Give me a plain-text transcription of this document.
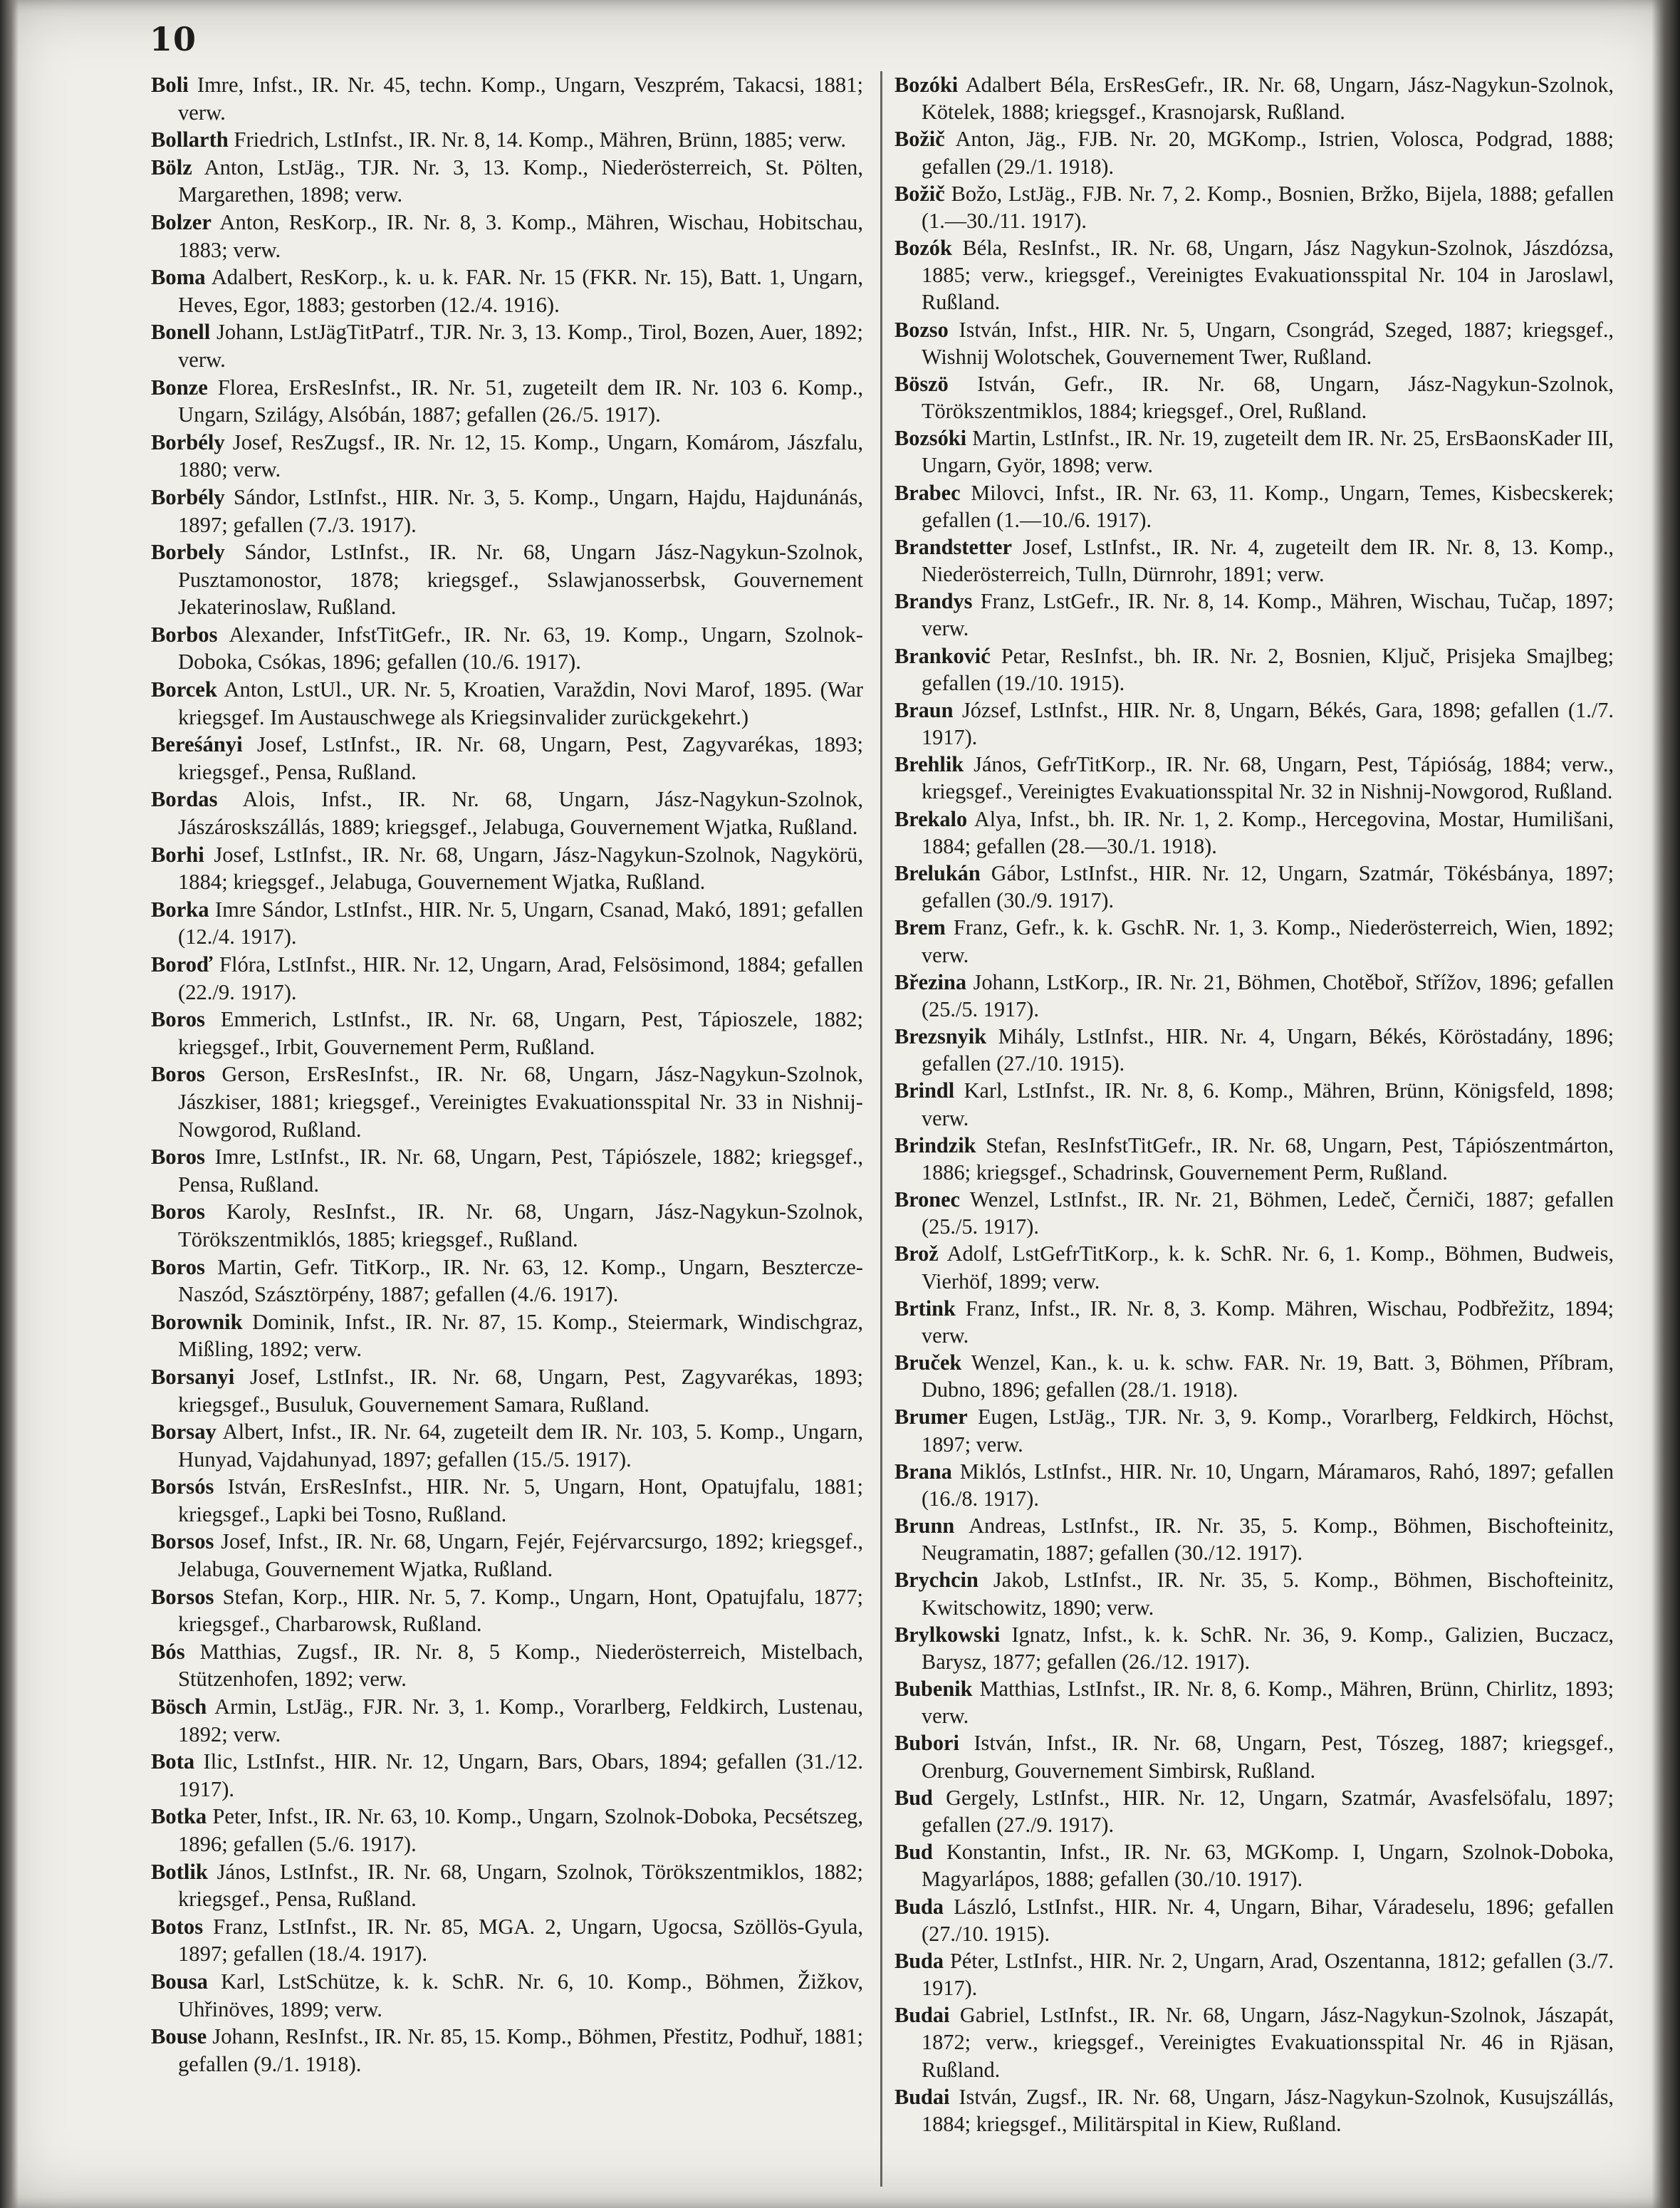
10

Boli Imre, Infst., IR. Nr. 45, techn. Komp., Ungarn, Veszprém, Takacsi, 1881; verw.

Bollarth Friedrich, LstInfst., IR. Nr. 8, 14. Komp., Mähren, Brünn, 1885; verw.

Bölz Anton, LstJäg., TJR. Nr. 3, 13. Komp., Niederösterreich, St. Pölten, Margarethen, 1898; verw.

Bolzer Anton, ResKorp., IR. Nr. 8, 3. Komp., Mähren, Wischau, Hobitschau, 1883; verw.

Boma Adalbert, ResKorp., k. u. k. FAR. Nr. 15 (FKR. Nr. 15), Batt. 1, Ungarn, Heves, Egor, 1883; gestorben (12./4. 1916).

Bonell Johann, LstJägTitPatrf., TJR. Nr. 3, 13. Komp., Tirol, Bozen, Auer, 1892; verw.

Bonze Florea, ErsResInfst., IR. Nr. 51, zugeteilt dem IR. Nr. 103 6. Komp., Ungarn, Szilágy, Alsóbán, 1887; gefallen (26./5. 1917).

Borbély Josef, ResZugsf., IR. Nr. 12, 15. Komp., Ungarn, Komárom, Jászfalu, 1880; verw.

Borbély Sándor, LstInfst., HIR. Nr. 3, 5. Komp., Ungarn, Hajdu, Hajdunánás, 1897; gefallen (7./3. 1917).

Borbely Sándor, LstInfst., IR. Nr. 68, Ungarn Jász-Nagykun-Szolnok, Pusztamonostor, 1878; kriegsgef., Sslawjanosserbsk, Gouvernement Jekaterinoslaw, Rußland.

Borbos Alexander, InfstTitGefr., IR. Nr. 63, 19. Komp., Ungarn, Szolnok-Doboka, Csókas, 1896; gefallen (10./6. 1917).

Borcek Anton, LstUl., UR. Nr. 5, Kroatien, Varaždin, Novi Marof, 1895. (War kriegsgef. Im Austauschwege als Kriegsinvalider zurückgekehrt.)

Bereśányi Josef, LstInfst., IR. Nr. 68, Ungarn, Pest, Zagyvarékas, 1893; kriegsgef., Pensa, Rußland.

Bordas Alois, Infst., IR. Nr. 68, Ungarn, Jász-Nagykun-Szolnok, Jászároskszállás, 1889; kriegsgef., Jelabuga, Gouvernement Wjatka, Rußland.

Borhi Josef, LstInfst., IR. Nr. 68, Ungarn, Jász-Nagykun-Szolnok, Nagykörü, 1884; kriegsgef., Jelabuga, Gouvernement Wjatka, Rußland.

Borka Imre Sándor, LstInfst., HIR. Nr. 5, Ungarn, Csanad, Makó, 1891; gefallen (12./4. 1917).

Boroď Flóra, LstInfst., HIR. Nr. 12, Ungarn, Arad, Felsösimond, 1884; gefallen (22./9. 1917).

Boros Emmerich, LstInfst., IR. Nr. 68, Ungarn, Pest, Tápioszele, 1882; kriegsgef., Irbit, Gouvernement Perm, Rußland.

Boros Gerson, ErsResInfst., IR. Nr. 68, Ungarn, Jász-Nagykun-Szolnok, Jászkiser, 1881; kriegsgef., Vereinigtes Evakuationsspital Nr. 33 in Nishnij-Nowgorod, Rußland.

Boros Imre, LstInfst., IR. Nr. 68, Ungarn, Pest, Tápiószele, 1882; kriegsgef., Pensa, Rußland.

Boros Karoly, ResInfst., IR. Nr. 68, Ungarn, Jász-Nagykun-Szolnok, Törökszentmiklós, 1885; kriegsgef., Rußland.

Boros Martin, Gefr. TitKorp., IR. Nr. 63, 12. Komp., Ungarn, Besztercze-Naszód, Szásztörpény, 1887; gefallen (4./6. 1917).

Borownik Dominik, Infst., IR. Nr. 87, 15. Komp., Steiermark, Windischgraz, Mißling, 1892; verw.

Borsanyi Josef, LstInfst., IR. Nr. 68, Ungarn, Pest, Zagyvarékas, 1893; kriegsgef., Busuluk, Gouvernement Samara, Rußland.

Borsay Albert, Infst., IR. Nr. 64, zugeteilt dem IR. Nr. 103, 5. Komp., Ungarn, Hunyad, Vajdahunyad, 1897; gefallen (15./5. 1917).

Borsós István, ErsResInfst., HIR. Nr. 5, Ungarn, Hont, Opatujfalu, 1881; kriegsgef., Lapki bei Tosno, Rußland.

Borsos Josef, Infst., IR. Nr. 68, Ungarn, Fejér, Fejérvarcsurgo, 1892; kriegsgef., Jelabuga, Gouvernement Wjatka, Rußland.

Borsos Stefan, Korp., HIR. Nr. 5, 7. Komp., Ungarn, Hont, Opatujfalu, 1877; kriegsgef., Charbarowsk, Rußland.

Bós Matthias, Zugsf., IR. Nr. 8, 5 Komp., Niederösterreich, Mistelbach, Stützenhofen, 1892; verw.

Bösch Armin, LstJäg., FJR. Nr. 3, 1. Komp., Vorarlberg, Feldkirch, Lustenau, 1892; verw.

Bota Ilic, LstInfst., HIR. Nr. 12, Ungarn, Bars, Obars, 1894; gefallen (31./12. 1917).

Botka Peter, Infst., IR. Nr. 63, 10. Komp., Ungarn, Szolnok-Doboka, Pecsétszeg, 1896; gefallen (5./6. 1917).

Botlik János, LstInfst., IR. Nr. 68, Ungarn, Szolnok, Törökszentmiklos, 1882; kriegsgef., Pensa, Rußland.

Botos Franz, LstInfst., IR. Nr. 85, MGA. 2, Ungarn, Ugocsa, Szöllös-Gyula, 1897; gefallen (18./4. 1917).

Bousa Karl, LstSchütze, k. k. SchR. Nr. 6, 10. Komp., Böhmen, Žižkov, Uhřinöves, 1899; verw.

Bouse Johann, ResInfst., IR. Nr. 85, 15. Komp., Böhmen, Přestitz, Podhuř, 1881; gefallen (9./1. 1918).

Bozóki Adalbert Béla, ErsResGefr., IR. Nr. 68, Ungarn, Jász-Nagykun-Szolnok, Kötelek, 1888; kriegsgef., Krasnojarsk, Rußland.

Božič Anton, Jäg., FJB. Nr. 20, MGKomp., Istrien, Volosca, Podgrad, 1888; gefallen (29./1. 1918).

Božič Božo, LstJäg., FJB. Nr. 7, 2. Komp., Bosnien, Bržko, Bijela, 1888; gefallen (1.—30./11. 1917).

Bozók Béla, ResInfst., IR. Nr. 68, Ungarn, Jász Nagykun-Szolnok, Jászdózsa, 1885; verw., kriegsgef., Vereinigtes Evakuationsspital Nr. 104 in Jaroslawl, Rußland.

Bozso István, Infst., HIR. Nr. 5, Ungarn, Csongrád, Szeged, 1887; kriegsgef., Wishnij Wolotschek, Gouvernement Twer, Rußland.

Böszö István, Gefr., IR. Nr. 68, Ungarn, Jász-Nagykun-Szolnok, Törökszentmiklos, 1884; kriegsgef., Orel, Rußland.

Bozsóki Martin, LstInfst., IR. Nr. 19, zugeteilt dem IR. Nr. 25, ErsBaonsKader III, Ungarn, Györ, 1898; verw.

Brabec Milovci, Infst., IR. Nr. 63, 11. Komp., Ungarn, Temes, Kisbecskerek; gefallen (1.—10./6. 1917).

Brandstetter Josef, LstInfst., IR. Nr. 4, zugeteilt dem IR. Nr. 8, 13. Komp., Niederösterreich, Tulln, Dürnrohr, 1891; verw.

Brandys Franz, LstGefr., IR. Nr. 8, 14. Komp., Mähren, Wischau, Tučap, 1897; verw.

Branković Petar, ResInfst., bh. IR. Nr. 2, Bosnien, Ključ, Prisjeka Smajlbeg; gefallen (19./10. 1915).

Braun József, LstInfst., HIR. Nr. 8, Ungarn, Békés, Gara, 1898; gefallen (1./7. 1917).

Brehlik János, GefrTitKorp., IR. Nr. 68, Ungarn, Pest, Tápióság, 1884; verw., kriegsgef., Vereinigtes Evakuationsspital Nr. 32 in Nishnij-Nowgorod, Rußland.

Brekalo Alya, Infst., bh. IR. Nr. 1, 2. Komp., Hercegovina, Mostar, Humilišani, 1884; gefallen (28.—30./1. 1918).

Brelukán Gábor, LstInfst., HIR. Nr. 12, Ungarn, Szatmár, Tökésbánya, 1897; gefallen (30./9. 1917).

Brem Franz, Gefr., k. k. GschR. Nr. 1, 3. Komp., Niederösterreich, Wien, 1892; verw.

Březina Johann, LstKorp., IR. Nr. 21, Böhmen, Chotěboř, Střížov, 1896; gefallen (25./5. 1917).

Brezsnyik Mihály, LstInfst., HIR. Nr. 4, Ungarn, Békés, Köröstadány, 1896; gefallen (27./10. 1915).

Brindl Karl, LstInfst., IR. Nr. 8, 6. Komp., Mähren, Brünn, Königsfeld, 1898; verw.

Brindzik Stefan, ResInfstTitGefr., IR. Nr. 68, Ungarn, Pest, Tápiószentmárton, 1886; kriegsgef., Schadrinsk, Gouvernement Perm, Rußland.

Bronec Wenzel, LstInfst., IR. Nr. 21, Böhmen, Ledeč, Černiči, 1887; gefallen (25./5. 1917).

Brož Adolf, LstGefrTitKorp., k. k. SchR. Nr. 6, 1. Komp., Böhmen, Budweis, Vierhöf, 1899; verw.

Brtink Franz, Infst., IR. Nr. 8, 3. Komp. Mähren, Wischau, Podbřežitz, 1894; verw.

Bruček Wenzel, Kan., k. u. k. schw. FAR. Nr. 19, Batt. 3, Böhmen, Příbram, Dubno, 1896; gefallen (28./1. 1918).

Brumer Eugen, LstJäg., TJR. Nr. 3, 9. Komp., Vorarlberg, Feldkirch, Höchst, 1897; verw.

Brana Miklós, LstInfst., HIR. Nr. 10, Ungarn, Máramaros, Rahó, 1897; gefallen (16./8. 1917).

Brunn Andreas, LstInfst., IR. Nr. 35, 5. Komp., Böhmen, Bischofteinitz, Neugramatin, 1887; gefallen (30./12. 1917).

Brychcin Jakob, LstInfst., IR. Nr. 35, 5. Komp., Böhmen, Bischofteinitz, Kwitschowitz, 1890; verw.

Brylkowski Ignatz, Infst., k. k. SchR. Nr. 36, 9. Komp., Galizien, Buczacz, Barysz, 1877; gefallen (26./12. 1917).

Bubenik Matthias, LstInfst., IR. Nr. 8, 6. Komp., Mähren, Brünn, Chirlitz, 1893; verw.

Bubori István, Infst., IR. Nr. 68, Ungarn, Pest, Tószeg, 1887; kriegsgef., Orenburg, Gouvernement Simbirsk, Rußland.

Bud Gergely, LstInfst., HIR. Nr. 12, Ungarn, Szatmár, Avasfelsöfalu, 1897; gefallen (27./9. 1917).

Bud Konstantin, Infst., IR. Nr. 63, MGKomp. I, Ungarn, Szolnok-Doboka, Magyarlápos, 1888; gefallen (30./10. 1917).

Buda László, LstInfst., HIR. Nr. 4, Ungarn, Bihar, Váradeselu, 1896; gefallen (27./10. 1915).

Buda Péter, LstInfst., HIR. Nr. 2, Ungarn, Arad, Oszentanna, 1812; gefallen (3./7. 1917).

Budai Gabriel, LstInfst., IR. Nr. 68, Ungarn, Jász-Nagykun-Szolnok, Jászapát, 1872; verw., kriegsgef., Vereinigtes Evakuationsspital Nr. 46 in Rjäsan, Rußland.

Budai István, Zugsf., IR. Nr. 68, Ungarn, Jász-Nagykun-Szolnok, Kusujszállás, 1884; kriegsgef., Militärspital in Kiew, Rußland.
